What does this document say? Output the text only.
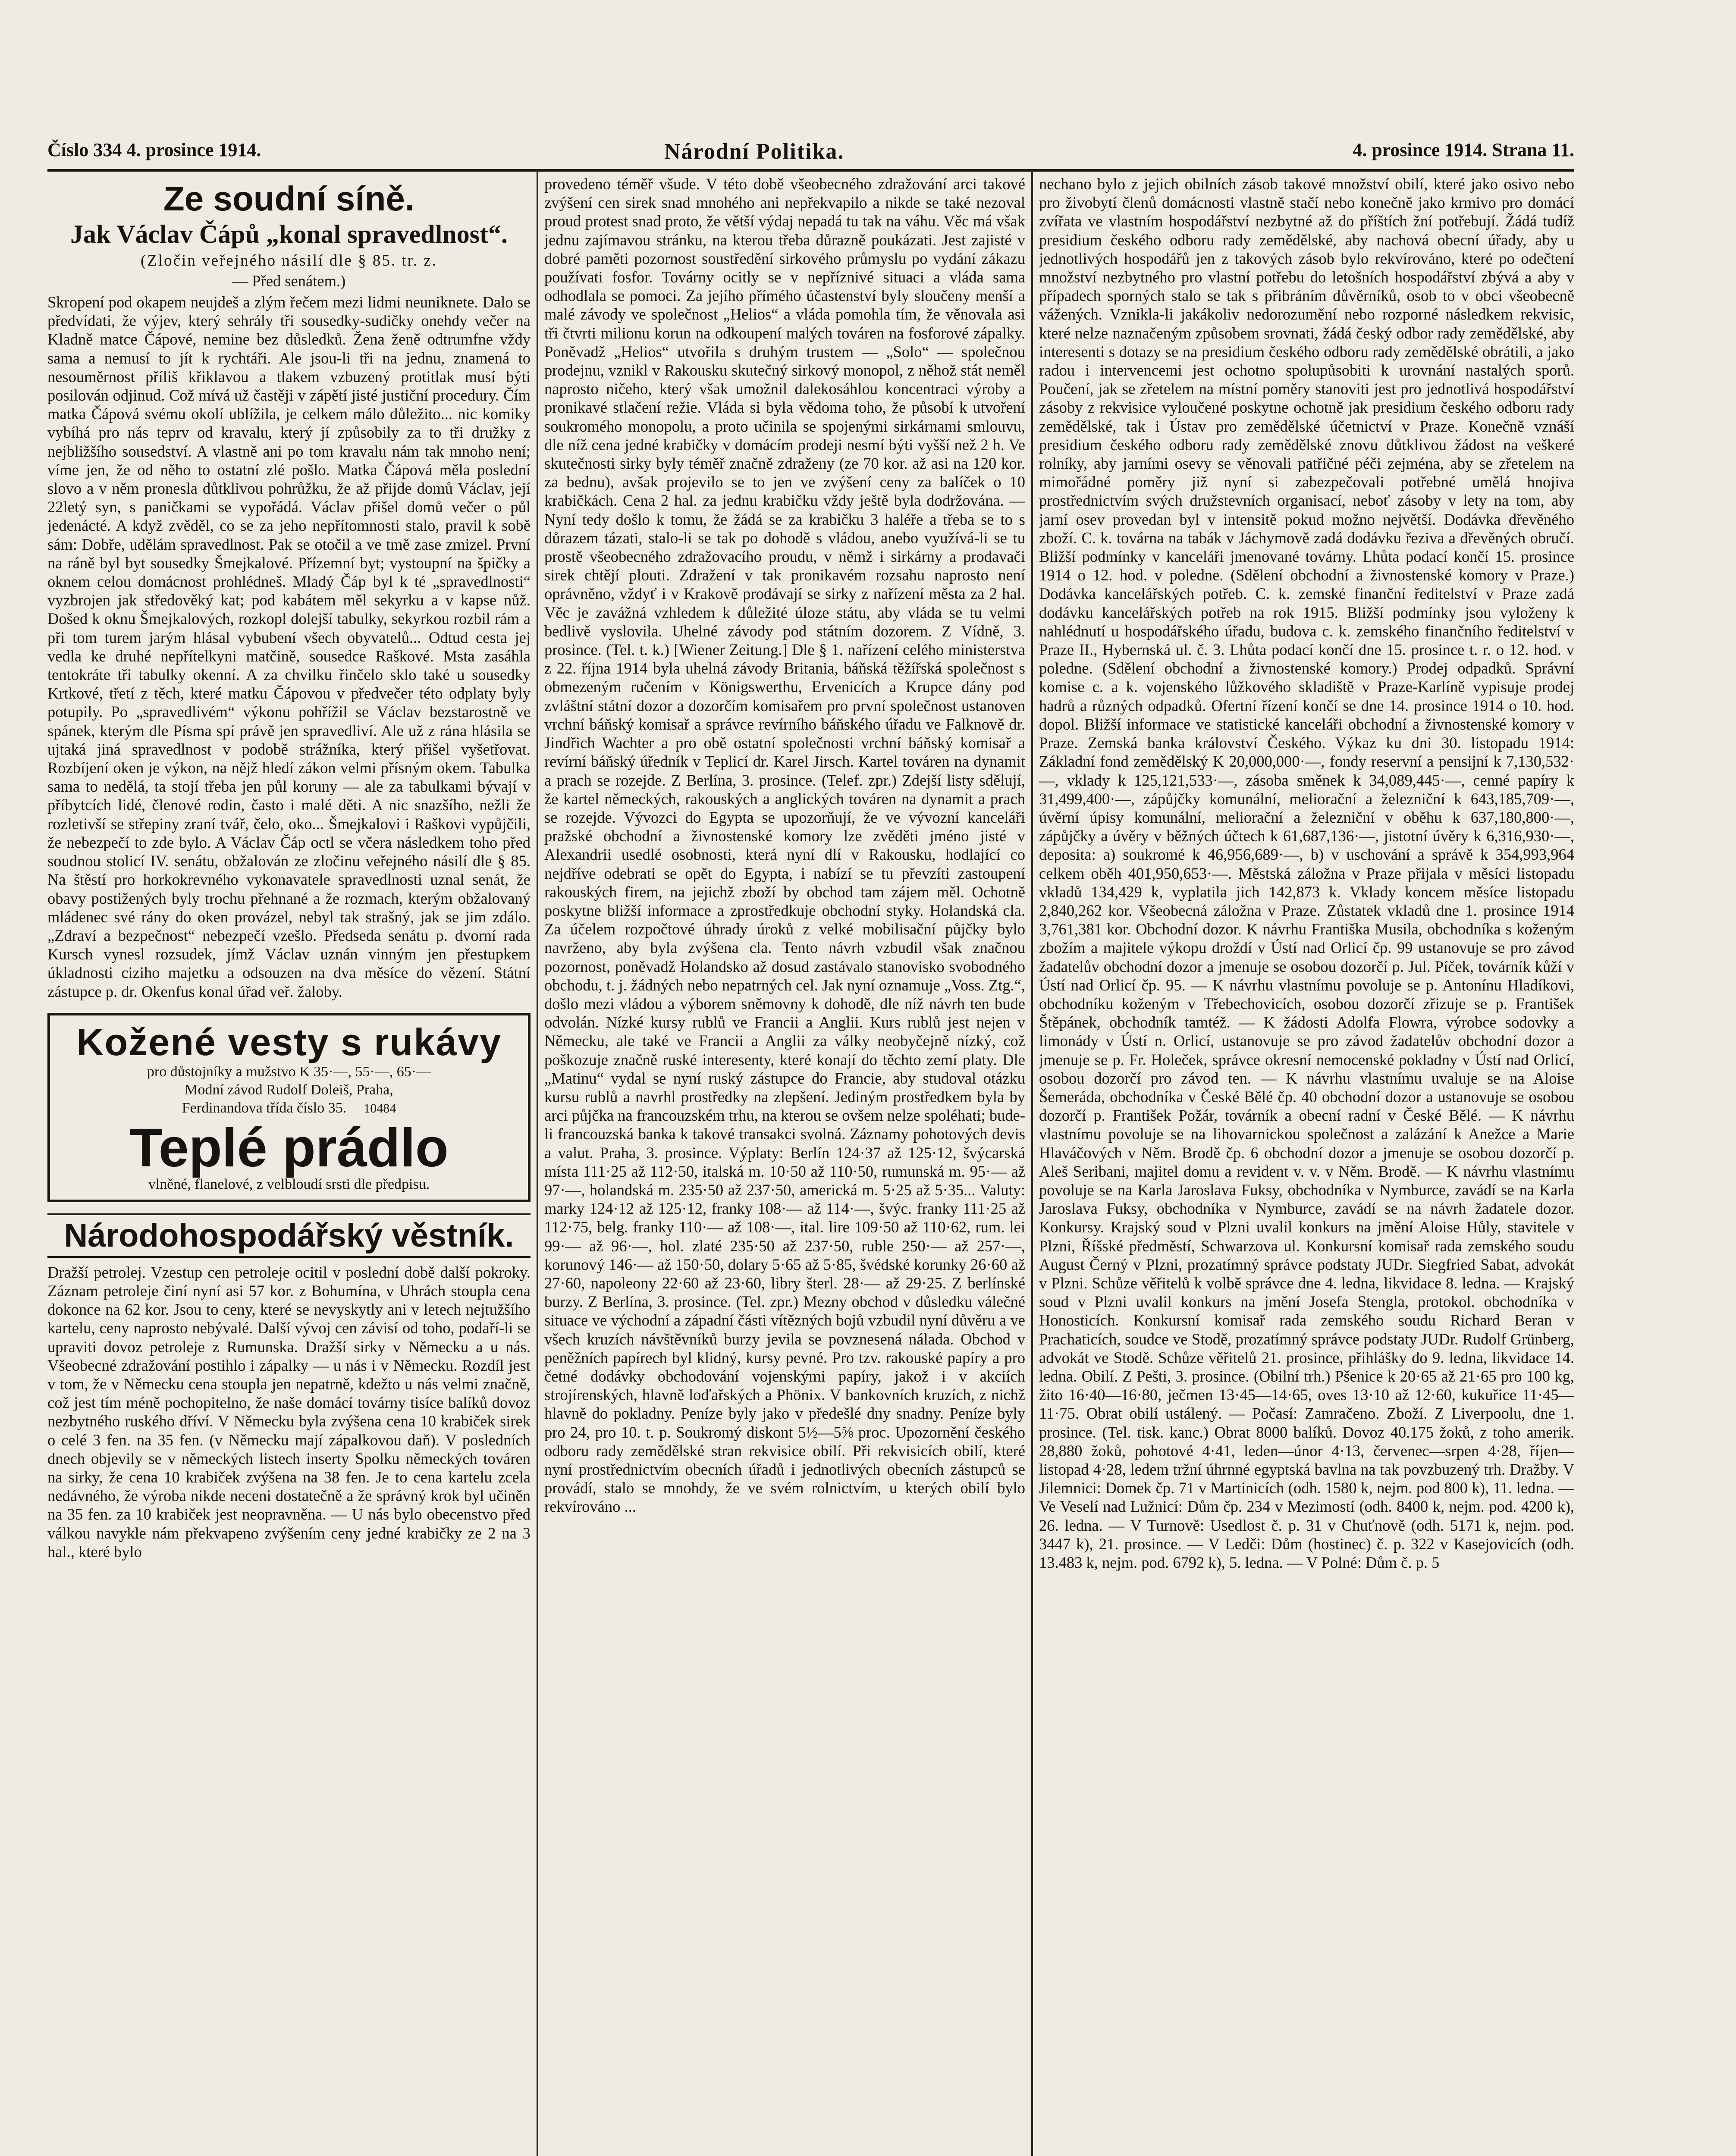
Číslo 334 4. prosince 1914.	Národní Politika.	4. prosince 1914. Strana 11.
Ze soudní síně.
Jak Václav Čápů „konal spravedlnost“.
(Zločin veřejného násilí dle § 85. tr. z.
— Před senátem.)

Skropení pod okapem neujdeš a zlým řečem mezi lidmi neuniknete. Dalo se předvídati, že výjev, který sehrály tři sousedky-sudičky onehdy večer na Kladně matce Čápové, nemine bez důsledků. Žena ženě odtrumfne vždy sama a nemusí to jít k rychtáři. Ale jsou-li tři na jednu, znamená to nesouměrnost příliš křiklavou a tlakem vzbuzený protitlak musí býti posilován odjinud. Což mívá už častěji v zápětí jisté justiční procedury. Čím matka Čápová svému okolí ublížila, je celkem málo důležito... nic komiky vybíhá pro nás teprv od kravalu, který jí způsobily za to tři družky z nejbližšího sousedství. A vlastně ani po tom kravalu nám tak mnoho není; víme jen, že od něho to ostatní zlé pošlo. Matka Čápová měla poslední slovo a v něm pronesla důtklivou pohrůžku, že až přijde domů Václav, její 22letý syn, s paničkami se vypořádá. Václav přišel domů večer o půl jedenácté. A když zvěděl, co se za jeho nepřítomnosti stalo, pravil k sobě sám: Dobře, udělám spravedlnost. Pak se otočil a ve tmě zase zmizel. První na ráně byl byt sousedky Šmejkalové. Přízemní byt; vystoupní na špičky a oknem celou domácnost prohlédneš. Mladý Čáp byl k té „spravedlnosti“ vyzbrojen jak středověký kat; pod kabátem měl sekyrku a v kapse nůž. Došed k oknu Šmejkalových, rozkopl dolejší tabulky, sekyrkou rozbil rám a při tom turem jarým hlásal vybubení všech obyvatelů... Odtud cesta jej vedla ke druhé nepřítelkyni matčině, sousedce Raškové. Msta zasáhla tentokráte tři tabulky okenní. A za chvilku řinčelo sklo také u sousedky Krtkové, třetí z těch, které matku Čápovou v předvečer této odplaty byly potupily. Po „spravedlivém“ výkonu pohřížil se Václav bezstarostně ve spánek, kterým dle Písma spí právě jen spravedliví. Ale už z rána hlásila se ujtaká jiná spravedlnost v podobě strážníka, který přišel vyšetřovat. Rozbíjení oken je výkon, na nějž hledí zákon velmi přísným okem. Tabulka sama to nedělá, ta stojí třeba jen půl koruny — ale za tabulkami bývají v příbytcích lidé, členové rodin, často i malé děti. A nic snazšího, nežli že rozletivší se střepiny zraní tvář, čelo, oko... Šmejkalovi i Raškovi vypůjčili, že nebezpečí to zde bylo. A Václav Čáp octl se včera následkem toho před soudnou stolicí IV. senátu, obžalován ze zločinu veřejného násilí dle § 85. Na štěstí pro horkokrevného vykonavatele spravedlnosti uznal senát, že obavy postižených byly trochu přehnané a že rozmach, kterým obžalovaný mládenec své rány do oken provázel, nebyl tak strašný, jak se jim zdálo. „Zdraví a bezpečnost“ nebezpečí vzešlo. Předseda senátu p. dvorní rada Kursch vynesl rozsudek, jímž Václav uznán vinným jen přestupkem úkladnosti ciziho majetku a odsouzen na dva měsíce do vězení. Státní zástupce p. dr. Okenfus konal úřad veř. žaloby.

Kožené vesty s rukávy
pro důstojníky a mužstvo K 35·—, 55·—, 65·—
Modní závod Rudolf Doleiš, Praha,
Ferdinandova třída číslo 35. 10484
Teplé prádlo
vlněné, flanelové, z velbloudí srsti dle předpisu.
Národohospodářský věstník.

Dražší petrolej. Vzestup cen petroleje ocitil v poslední době další pokroky. Záznam petroleje činí nyní asi 57 kor. z Bohumína, v Uhrách stoupla cena dokonce na 62 kor. Jsou to ceny, které se nevyskytly ani v letech nejtužšího kartelu, ceny naprosto nebývalé. Další vývoj cen závisí od toho, podaří-li se upraviti dovoz petroleje z Rumunska. Dražší sirky v Německu a u nás. Všeobecné zdražování postihlo i zápalky — u nás i v Německu. Rozdíl jest v tom, že v Německu cena stoupla jen nepatrně, kdežto u nás velmi značně, což jest tím méně pochopitelno, že naše domácí továrny tisíce balíků dovoz nezbytného ruského dříví. V Německu byla zvýšena cena 10 krabiček sirek o celé 3 fen. na 35 fen. (v Německu mají zápalkovou daň). V posledních dnech objevily se v německých listech inserty Spolku německých továren na sirky, že cena 10 krabiček zvýšena na 38 fen. Je to cena kartelu zcela nedávného, že výroba nikde neceni dostatečně a že správný krok byl učiněn na 35 fen. za 10 krabiček jest neopravněna. — U nás bylo obecenstvo před válkou navykle nám překvapeno zvýšením ceny jedné krabičky ze 2 na 3 hal., které bylo

provedeno téměř všude. V této době všeobecného zdražování arci takové zvýšení cen sirek snad mnohého ani nepřekvapilo a nikde se také nezoval proud protest snad proto, že větší výdaj nepadá tu tak na váhu. Věc má však jednu zajímavou stránku, na kterou třeba důrazně poukázati. Jest zajisté v dobré paměti pozornost soustředění sirkového průmyslu po vydání zákazu používati fosfor. Továrny ocitly se v nepříznivé situaci a vláda sama odhodlala se pomoci. Za jejího přímého účastenství byly sloučeny menší a malé závody ve společnost „Helios“ a vláda pomohla tím, že věnovala asi tři čtvrti milionu korun na odkoupení malých továren na fosforové zápalky. Poněvadž „Helios“ utvořila s druhým trustem — „Solo“ — společnou prodejnu, vznikl v Rakousku skutečný sirkový monopol, z něhož stát neměl naprosto ničeho, který však umožnil dalekosáhlou koncentraci výroby a pronikavé stlačení režie. Vláda si byla vědoma toho, že působí k utvoření soukromého monopolu, a proto učinila se spojenými sirkárnami smlouvu, dle níž cena jedné krabičky v domácím prodeji nesmí býti vyšší než 2 h. Ve skutečnosti sirky byly téměř značně zdraženy (ze 70 kor. až asi na 120 kor. za bednu), avšak projevilo se to jen ve zvýšení ceny za balíček o 10 krabičkách. Cena 2 hal. za jednu krabičku vždy ještě byla dodržována. — Nyní tedy došlo k tomu, že žádá se za krabičku 3 haléře a třeba se to s důrazem tázati, stalo-li se tak po dohodě s vládou, anebo využívá-li se tu prostě všeobecného zdražovacího proudu, v němž i sirkárny a prodavači sirek chtějí plouti. Zdražení v tak pronikavém rozsahu naprosto není oprávněno, vždyť i v Krakově prodávají se sirky z nařízení města za 2 hal. Věc je zavážná vzhledem k důležité úloze státu, aby vláda se tu velmi bedlivě vyslovila. Uhelné závody pod státním dozorem. Z Vídně, 3. prosince. (Tel. t. k.) [Wiener Zeitung.] Dle § 1. nařízení celého ministerstva z 22. října 1914 byla uhelná závody Britania, báňská těžířská společnost s obmezeným ručením v Königswerthu, Ervenicích a Krupce dány pod zvláštní státní dozor a dozorčím komisařem pro první společnost ustanoven vrchní báňský komisař a správce revírního báňského úřadu ve Falknově dr. Jindřich Wachter a pro obě ostatní společnosti vrchní báňský komisař a revírní báňský úředník v Teplicí dr. Karel Jirsch. Kartel továren na dynamit a prach se rozejde. Z Berlína, 3. prosince. (Telef. zpr.) Zdejší listy sdělují, že kartel německých, rakouských a anglických továren na dynamit a prach se rozejde. Vývozci do Egypta se upozorňují, že ve vývozní kanceláři pražské obchodní a živnostenské komory lze zvěděti jméno jisté v Alexandrii usedlé osobnosti, která nyní dlí v Rakousku, hodlající co nejdříve odebrati se opět do Egypta, i nabízí se tu převzíti zastoupení rakouských firem, na jejichž zboží by obchod tam zájem měl. Ochotně poskytne bližší informace a zprostředkuje obchodní styky. Holandská cla. Za účelem rozpočtové úhrady úroků z velké mobilisační půjčky bylo navrženo, aby byla zvýšena cla. Tento návrh vzbudil však značnou pozornost, poněvadž Holandsko až dosud zastávalo stanovisko svobodného obchodu, t. j. žádných nebo nepatrných cel. Jak nyní oznamuje „Voss. Ztg.“, došlo mezi vládou a výborem sněmovny k dohodě, dle níž návrh ten bude odvolán. Nízké kursy rublů ve Francii a Anglii. Kurs rublů jest nejen v Německu, ale také ve Francii a Anglii za války neobyčejně nízký, což poškozuje značně ruské interesenty, které konají do těchto zemí platy. Dle „Matinu“ vydal se nyní ruský zástupce do Francie, aby studoval otázku kursu rublů a navrhl prostředky na zlepšení. Jediným prostředkem byla by arci půjčka na francouzském trhu, na kterou se ovšem nelze spoléhati; bude-li francouzská banka k takové transakci svolná. Záznamy pohotových devis a valut. Praha, 3. prosince. Výplaty: Berlín 124·37 až 125·12, švýcarská místa 111·25 až 112·50, italská m. 10·50 až 110·50, rumunská m. 95·— až 97·—, holandská m. 235·50 až 237·50, americká m. 5·25 až 5·35... Valuty: marky 124·12 až 125·12, franky 108·— až 114·—, švýc. franky 111·25 až 112·75, belg. franky 110·— až 108·—, ital. lire 109·50 až 110·62, rum. lei 99·— až 96·—, hol. zlaté 235·50 až 237·50, ruble 250·— až 257·—, korunový 146·— až 150·50, dolary 5·65 až 5·85, švédské korunky 26·60 až 27·60, napoleony 22·60 až 23·60, libry šterl. 28·— až 29·25. Z berlínské burzy. Z Berlína, 3. prosince. (Tel. zpr.) Mezny obchod v důsledku válečné situace ve východní a západní části vítězných bojů vzbudil nyní důvěru a ve všech kruzích návštěvníků burzy jevila se povznesená nálada. Obchod v peněžních papírech byl klidný, kursy pevné. Pro tzv. rakouské papíry a pro četné dodávky obchodování vojenskými papíry, jakož i v akciích strojírenských, hlavně loďařských a Phönix. V bankovních kruzích, z nichž hlavně do pokladny. Peníze byly jako v předešlé dny snadny. Peníze byly pro 24, pro 10. t. p. Soukromý diskont 5½—5⅝ proc. Upozornění českého odboru rady zemědělské stran rekvisice obilí. Při rekvisicích obilí, které nyní prostřednictvím obecních úřadů i jednotlivých obecních zástupců se provádí, stalo se mnohdy, že ve svém rolnictvím, u kterých obilí bylo rekvírováno ...

nechano bylo z jejich obilních zásob takové množství obilí, které jako osivo nebo pro živobytí členů domácnosti vlastně stačí nebo konečně jako krmivo pro domácí zvířata ve vlastním hospodářství nezbytné až do příštích žní potřebují. Žádá tudíž presidium českého odboru rady zemědělské, aby nachová obecní úřady, aby u jednotlivých hospodářů jen z takových zásob bylo rekvírováno, které po odečtení množství nezbytného pro vlastní potřebu do letošních hospodářství zbývá a aby v případech sporných stalo se tak s přibráním důvěrníků, osob to v obci všeobecně vážených. Vznikla-li jakákoliv nedorozumění nebo rozporné následkem rekvisic, které nelze naznačeným způsobem srovnati, žádá český odbor rady zemědělské, aby interesenti s dotazy se na presidium českého odboru rady zemědělské obrátili, a jako radou i intervencemi jest ochotno spolupůsobiti k urovnání nastalých sporů. Poučení, jak se zřetelem na místní poměry stanoviti jest pro jednotlivá hospodářství zásoby z rekvisice vyloučené poskytne ochotně jak presidium českého odboru rady zemědělské, tak i Ústav pro zemědělské účetnictví v Praze. Konečně vznáší presidium českého odboru rady zemědělské znovu důtklivou žádost na veškeré rolníky, aby jarními osevy se věnovali patřičné péči zejména, aby se zřetelem na mimořádné poměry již nyní si zabezpečovali potřebné umělá hnojiva prostřednictvím svých družstevních organisací, neboť zásoby v lety na tom, aby jarní osev provedan byl v intensitě pokud možno největší. Dodávka dřevěného zboží. C. k. továrna na tabák v Jáchymově zadá dodávku řeziva a dřevěných obručí. Bližší podmínky v kanceláři jmenované továrny. Lhůta podací končí 15. prosince 1914 o 12. hod. v poledne. (Sdělení obchodní a živnostenské komory v Praze.) Dodávka kancelářských potřeb. C. k. zemské finanční ředitelství v Praze zadá dodávku kancelářských potřeb na rok 1915. Bližší podmínky jsou vyloženy k nahlédnutí u hospodářského úřadu, budova c. k. zemského finančního ředitelství v Praze II., Hybernská ul. č. 3. Lhůta podací končí dne 15. prosince t. r. o 12. hod. v poledne. (Sdělení obchodní a živnostenské komory.) Prodej odpadků. Správní komise c. a k. vojenského lůžkového skladiště v Praze-Karlíně vypisuje prodej hadrů a různých odpadků. Ofertní řízení končí se dne 14. prosince 1914 o 10. hod. dopol. Bližší informace ve statistické kanceláři obchodní a živnostenské komory v Praze. Zemská banka království Českého. Výkaz ku dni 30. listopadu 1914: Základní fond zemědělský K 20,000,000·—, fondy reservní a pensijní k 7,130,532·—, vklady k 125,121,533·—, zásoba směnek k 34,089,445·—, cenné papíry k 31,499,400·—, zápůjčky komunální, meliorační a železniční k 643,185,709·—, úvěrní úpisy komunální, meliorační a železniční v oběhu k 637,180,800·—, zápůjčky a úvěry v běžných účtech k 61,687,136·—, jistotní úvěry k 6,316,930·—, deposita: a) soukromé k 46,956,689·—, b) v uschování a správě k 354,993,964 celkem oběh 401,950,653·—. Městská záložna v Praze přijala v měsíci listopadu vkladů 134,429 k, vyplatila jich 142,873 k. Vklady koncem měsíce listopadu 2,840,262 kor. Všeobecná záložna v Praze. Zůstatek vkladů dne 1. prosince 1914 3,761,381 kor. Obchodní dozor. K návrhu Františka Musila, obchodníka s koženým zbožím a majitele výkopu droždí v Ústí nad Orlicí čp. 99 ustanovuje se pro závod žadatelův obchodní dozor a jmenuje se osobou dozorčí p. Jul. Píček, továrník kůží v Ústí nad Orlicí čp. 95. — K návrhu vlastnímu povoluje se p. Antonínu Hladíkovi, obchodníku koženým v Třebechovicích, osobou dozorčí zřizuje se p. František Štěpánek, obchodník tamtéž. — K žádosti Adolfa Flowra, výrobce sodovky a limonády v Ústí n. Orlicí, ustanovuje se pro závod žadatelův obchodní dozor a jmenuje se p. Fr. Holeček, správce okresní nemocenské pokladny v Ústí nad Orlicí, osobou dozorčí pro závod ten. — K návrhu vlastnímu uvaluje se na Aloise Šemeráda, obchodníka v České Bělé čp. 40 obchodní dozor a ustanovuje se osobou dozorčí p. František Požár, továrník a obecní radní v České Bělé. — K návrhu vlastnímu povoluje se na lihovarnickou společnost a zalázání k Anežce a Marie Hlaváčových v Něm. Brodě čp. 6 obchodní dozor a jmenuje se osobou dozorčí p. Aleš Seribani, majitel domu a revident v. v. v Něm. Brodě. — K návrhu vlastnímu povoluje se na Karla Jaroslava Fuksy, obchodníka v Nymburce, zavádí se na Karla Jaroslava Fuksy, obchodníka v Nymburce, zavádí se na návrh žadatele dozor. Konkursy. Krajský soud v Plzni uvalil konkurs na jmění Aloise Hůly, stavitele v Plzni, Říšské předměstí, Schwarzova ul. Konkursní komisař rada zemského soudu August Černý v Plzni, prozatímný správce podstaty JUDr. Siegfried Sabat, advokát v Plzni. Schůze věřitelů k volbě správce dne 4. ledna, likvidace 8. ledna. — Krajský soud v Plzni uvalil konkurs na jmění Josefa Stengla, protokol. obchodníka v Honosticích. Konkursní komisař rada zemského soudu Richard Beran v Prachaticích, soudce ve Stodě, prozatímný správce podstaty JUDr. Rudolf Grünberg, advokát ve Stodě. Schůze věřitelů 21. prosince, přihlášky do 9. ledna, likvidace 14. ledna. Obilí. Z Pešti, 3. prosince. (Obilní trh.) Pšenice k 20·65 až 21·65 pro 100 kg, žito 16·40—16·80, ječmen 13·45—14·65, oves 13·10 až 12·60, kukuřice 11·45—11·75. Obrat obilí ustálený. — Počasí: Zamračeno. Zboží. Z Liverpoolu, dne 1. prosince. (Tel. tisk. kanc.) Obrat 8000 balíků. Dovoz 40.175 žoků, z toho amerik. 28,880 žoků, pohotové 4·41, leden—únor 4·13, červenec—srpen 4·28, říjen—listopad 4·28, ledem tržní úhrnné egyptská bavlna na tak povzbuzený trh. Dražby. V Jilemnici: Domek čp. 71 v Martinicích (odh. 1580 k, nejm. pod 800 k), 11. ledna. — Ve Veselí nad Lužnicí: Dům čp. 234 v Mezimostí (odh. 8400 k, nejm. pod. 4200 k), 26. ledna. — V Turnově: Usedlost č. p. 31 v Chuťnově (odh. 5171 k, nejm. pod. 3447 k), 21. prosince. — V Ledči: Dům (hostinec) č. p. 322 v Kasejovicích (odh. 13.483 k, nejm. pod. 6792 k), 5. ledna. — V Polné: Dům č. p. 5
